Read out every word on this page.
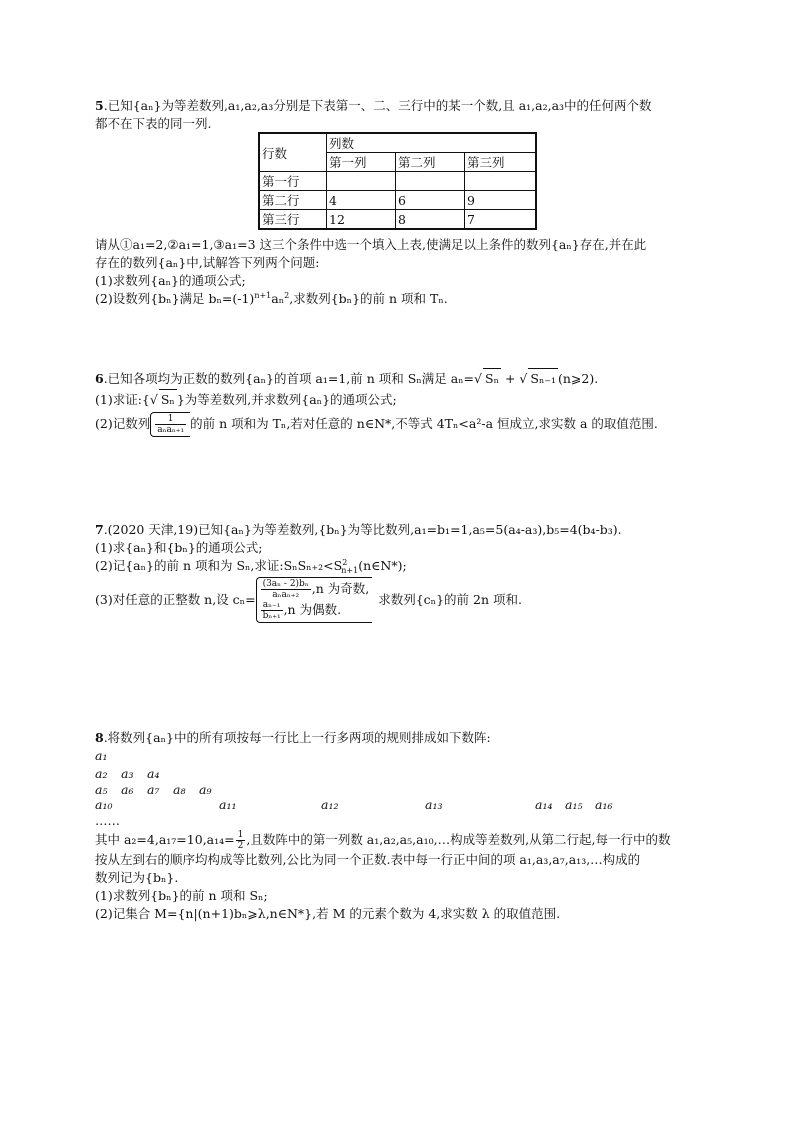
5.已知{aₙ}为等差数列,a₁,a₂,a₃分别是下表第一、二、三行中的某一个数,且 a₁,a₂,a₃中的任何两个数
都不在下表的同一列.
行数	列数		
	第一列	第二列	第三列
第一行			
第二行	4	6	9
第三行	12	8	7
请从①a₁=2,②a₁=1,③a₁=3 这三个条件中选一个填入上表,使满足以上条件的数列{aₙ}存在,并在此
存在的数列{aₙ}中,试解答下列两个问题:
(1)求数列{aₙ}的通项公式;
(2)设数列{bₙ}满足 $b_n=(-1)^{n+1}a_n^2$,求数列{bₙ}的前 n 项和 Tₙ.
6.已知各项均为正数的数列{aₙ}的首项 a₁=1,前 n 项和 Sₙ满足 aₙ=√ Sₙ + √ Sₙ₋₁ (n⩾2).
(1)求证:{√ Sₙ }为等差数列,并求数列{aₙ}的通项公式;
(2)记数列 $\frac{1}{\text{aₙaₙ₊₁}}$ 的前 n 项和为 Tₙ,若对任意的 n∈N*,不等式 4Tₙ<a²-a 恒成立,求实数 a 的取值范围.
7.(2020 天津,19)已知{aₙ}为等差数列,{bₙ}为等比数列,a₁=b₁=1,a₅=5(a₄-a₃),b₅=4(b₄-b₃).
(1)求{aₙ}和{bₙ}的通项公式;
(2)记{aₙ}的前 n 项和为 Sₙ,求证$:S_nS_{n+2}<S^2_{n+1}(n\in N*)$;
(3)对任意的正整数 n,设 $c_n= \frac{\text{(3aₙ - 2)bₙ}}{\text{aₙaₙ₊₂}} ,n$ 为奇数,
$\frac{\text{aₙ₋₁}}{\text{bₙ₊₁}} ,n$ 为偶数.
求数列{cₙ}的前 2n 项和.
8.将数列{aₙ}中的所有项按每一行比上一行多两项的规则排成如下数阵:
a₁
a₂ a₃ a₄
a₅ a₆ a₇ a₈ a₉
a₁₀	a₁₁	a₁₂	a₁₃	a₁₄ a₁₅ a₁₆
……
其中 $a_2=4,a_{17}=10,a_{14}= \frac{1}{2}$ ,且数阵中的第一列数 a₁,a₂,a₅,a₁₀,…构成等差数列,从第二行起,每一行中的数
按从左到右的顺序均构成等比数列,公比为同一个正数.表中每一行正中间的项 a₁,a₃,a₇,a₁₃,…构成的
数列记为{bₙ}.
(1)求数列{bₙ}的前 n 项和 Sₙ;
(2)记集合 M={n|(n+1)bₙ⩾λ,n∈N*},若 M 的元素个数为 4,求实数 λ 的取值范围.
